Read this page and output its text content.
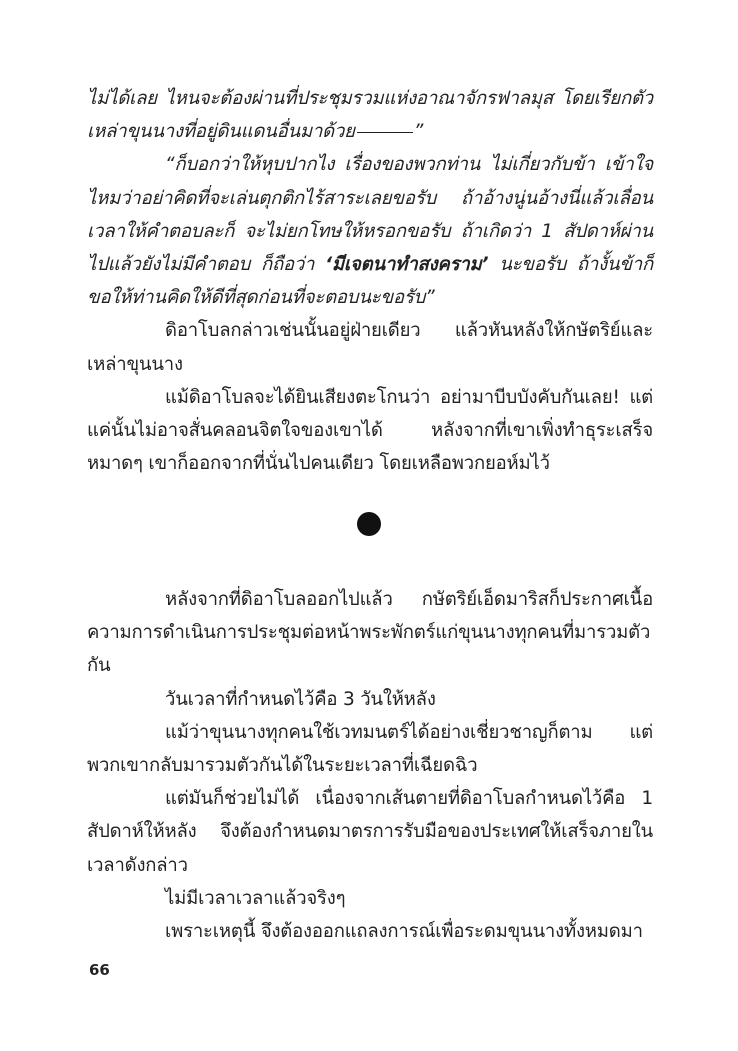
ไม่ได้เลย ไหนจะต้องผ่านที่ประชุมรวมแห่งอาณาจักรฟาลมุส โดยเรียกตัวเหล่าขุนนางที่อยู่ดินแดนอื่นมาด้วย	”

“ก็บอกว่าให้หุบปากไง เรื่องของพวกท่าน ไม่เกี่ยวกับข้า เข้าใจไหมว่าอย่าคิดที่จะเล่นตุกติกไร้สาระเลยขอรับ ถ้าอ้างนู่นอ้างนี่แล้วเลื่อนเวลาให้คำตอบละก็ จะไม่ยกโทษให้หรอกขอรับ ถ้าเกิดว่า 1 สัปดาห์ผ่านไปแล้วยังไม่มีคำตอบ ก็ถือว่า ‘มีเจตนาทำสงคราม’ นะขอรับ ถ้างั้นข้าก็ขอให้ท่านคิดให้ดีที่สุดก่อนที่จะตอบนะขอรับ”

ดิอาโบลกล่าวเช่นนั้นอยู่ฝ่ายเดียว แล้วหันหลังให้กษัตริย์และเหล่าขุนนาง

แม้ดิอาโบลจะได้ยินเสียงตะโกนว่า อย่ามาบีบบังคับกันเลย! แต่แค่นั้นไม่อาจสั่นคลอนจิตใจของเขาได้ หลังจากที่เขาเพิ่งทำธุระเสร็จหมาดๆ เขาก็ออกจากที่นั่นไปคนเดียว โดยเหลือพวกยอห์มไว้

หลังจากที่ดิอาโบลออกไปแล้ว กษัตริย์เอ็ดมาริสก็ประกาศเนื้อความการดำเนินการประชุมต่อหน้าพระพักตร์แก่ขุนนางทุกคนที่มารวมตัวกัน

วันเวลาที่กำหนดไว้คือ 3 วันให้หลัง

แม้ว่าขุนนางทุกคนใช้เวทมนตร์ได้อย่างเชี่ยวชาญก็ตาม แต่พวกเขากลับมารวมตัวกันได้ในระยะเวลาที่เฉียดฉิว

แต่มันก็ช่วยไม่ได้ เนื่องจากเส้นตายที่ดิอาโบลกำหนดไว้คือ 1 สัปดาห์ให้หลัง จึงต้องกำหนดมาตรการรับมือของประเทศให้เสร็จภายในเวลาดังกล่าว

ไม่มีเวลาเวลาแล้วจริงๆ

เพราะเหตุนี้ จึงต้องออกแถลงการณ์เพื่อระดมขุนนางทั้งหมดมา

66
